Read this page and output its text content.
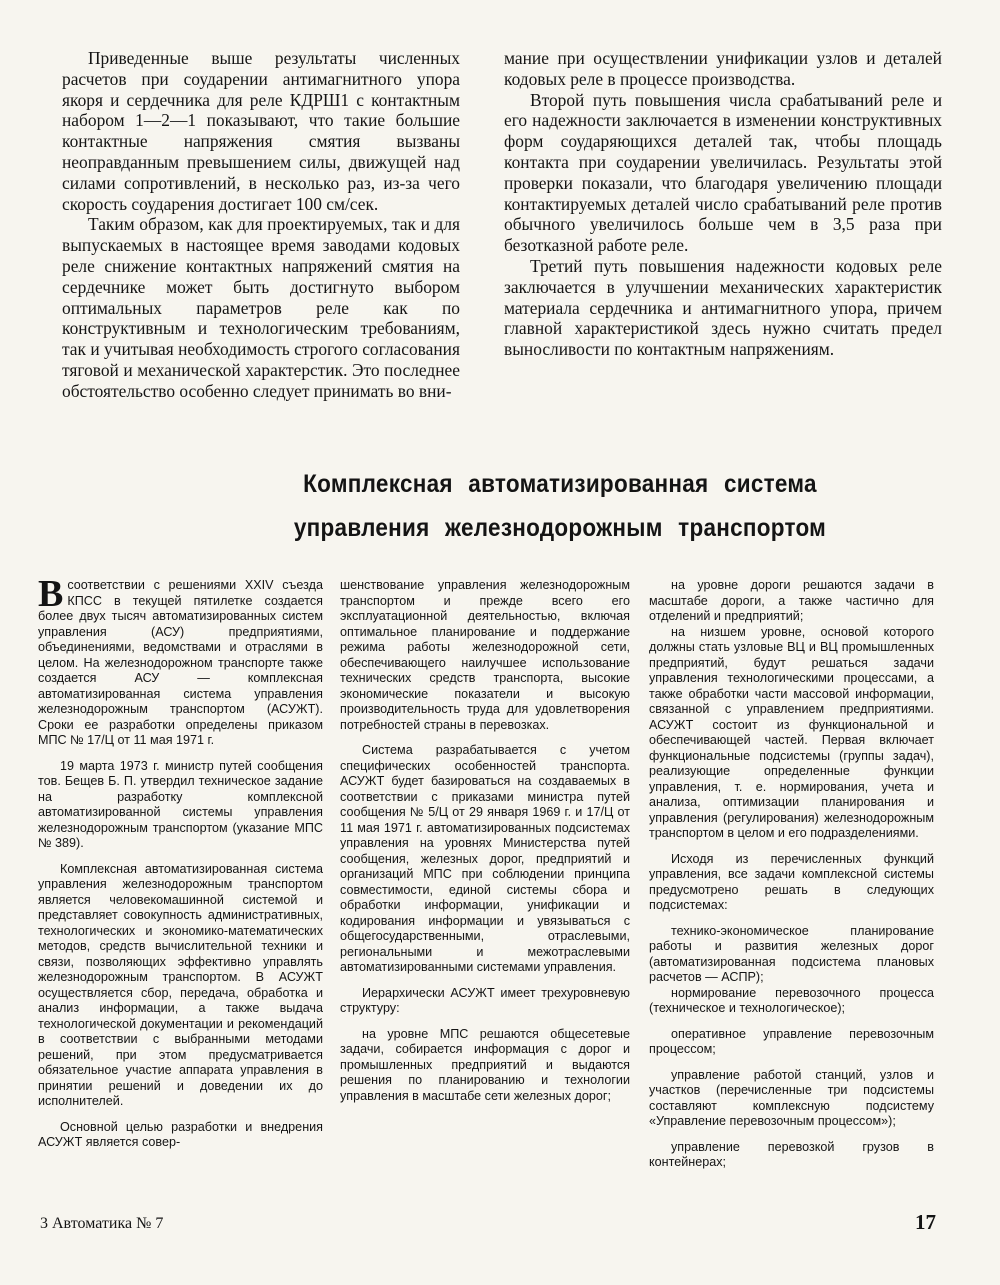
Приведенные выше результаты численных расчетов при соударении антимагнитного упора якоря и сердечника для реле КДРШ1 с контактным набором 1—2—1 показывают, что такие большие контактные напряжения смятия вызваны неоправданным превышением силы, движущей над силами сопротивлений, в несколько раз, из-за чего скорость соударения достигает 100 см/сек.

Таким образом, как для проектируемых, так и для выпускаемых в настоящее время заводами кодовых реле снижение контактных напряжений смятия на сердечнике может быть достигнуто выбором оптимальных параметров реле как по конструктивным и технологическим требованиям, так и учитывая необходимость строгого согласования тяговой и механической характерстик. Это последнее обстоятельство особенно следует принимать во вни-

мание при осуществлении унификации узлов и деталей кодовых реле в процессе производства.

Второй путь повышения числа срабатываний реле и его надежности заключается в изменении конструктивных форм соударяющихся деталей так, чтобы площадь контакта при соударении увеличилась. Результаты этой проверки показали, что благодаря увеличению площади контактируемых деталей число срабатываний реле против обычного увеличилось больше чем в 3,5 раза при безотказной работе реле.

Третий путь повышения надежности кодовых реле заключается в улучшении механических характеристик материала сердечника и антимагнитного упора, причем главной характеристикой здесь нужно считать предел выносливости по контактным напряжениям.

Комплексная автоматизированная система
управления железнодорожным транспортом

Всоответствии с решениями XXIV съезда КПСС в текущей пятилетке создается более двух тысяч автоматизированных систем управления (АСУ) предприятиями, объединениями, ведомствами и отраслями в целом. На железнодорожном транспорте также создается АСУ — комплексная автоматизированная система управления железнодорожным транспортом (АСУЖТ). Сроки ее разработки определены приказом МПС № 17/Ц от 11 мая 1971 г.

19 марта 1973 г. министр путей сообщения тов. Бещев Б. П. утвердил техническое задание на разработку комплексной автоматизированной системы управления железнодорожным транспортом (указание МПС № 389).

Комплексная автоматизированная система управления железнодорожным транспортом является человекомашинной системой и представляет совокупность административных, технологических и экономико-математических методов, средств вычислительной техники и связи, позволяющих эффективно управлять железнодорожным транспортом. В АСУЖТ осуществляется сбор, передача, обработка и анализ информации, а также выдача технологической документации и рекомендаций в соответствии с выбранными методами решений, при этом предусматривается обязательное участие аппарата управления в принятии решений и доведении их до исполнителей.

Основной целью разработки и внедрения АСУЖТ является совер-

шенствование управления железнодорожным транспортом и прежде всего его эксплуатационной деятельностью, включая оптимальное планирование и поддержание режима работы железнодорожной сети, обеспечивающего наилучшее использование технических средств транспорта, высокие экономические показатели и высокую производительность труда для удовлетворения потребностей страны в перевозках.

Система разрабатывается с учетом специфических особенностей транспорта. АСУЖТ будет базироваться на создаваемых в соответствии с приказами министра путей сообщения № 5/Ц от 29 января 1969 г. и 17/Ц от 11 мая 1971 г. автоматизированных подсистемах управления на уровнях Министерства путей сообщения, железных дорог, предприятий и организаций МПС при соблюдении принципа совместимости, единой системы сбора и обработки информации, унификации и кодирования информации и увязываться с общегосударственными, отраслевыми, региональными и межотраслевыми автоматизированными системами управления.

Иерархически АСУЖТ имеет трехуровневую структуру:

на уровне МПС решаются общесетевые задачи, собирается информация с дорог и промышленных предприятий и выдаются решения по планированию и технологии управления в масштабе сети железных дорог;

на уровне дороги решаются задачи в масштабе дороги, а также частично для отделений и предприятий;

на низшем уровне, основой которого должны стать узловые ВЦ и ВЦ промышленных предприятий, будут решаться задачи управления технологическими процессами, а также обработки части массовой информации, связанной с управлением предприятиями. АСУЖТ состоит из функциональной и обеспечивающей частей. Первая включает функциональные подсистемы (группы задач), реализующие определенные функции управления, т. е. нормирования, учета и анализа, оптимизации планирования и управления (регулирования) железнодорожным транспортом в целом и его подразделениями.

Исходя из перечисленных функций управления, все задачи комплексной системы предусмотрено решать в следующих подсистемах:

технико-экономическое планирование работы и развития железных дорог (автоматизированная подсистема плановых расчетов — АСПР);

нормирование перевозочного процесса (техническое и технологическое);

оперативное управление перевозочным процессом;

управление работой станций, узлов и участков (перечисленные три подсистемы составляют комплексную подсистему «Управление перевозочным процессом»);

управление перевозкой грузов в контейнерах;

3 Автоматика № 7	17
